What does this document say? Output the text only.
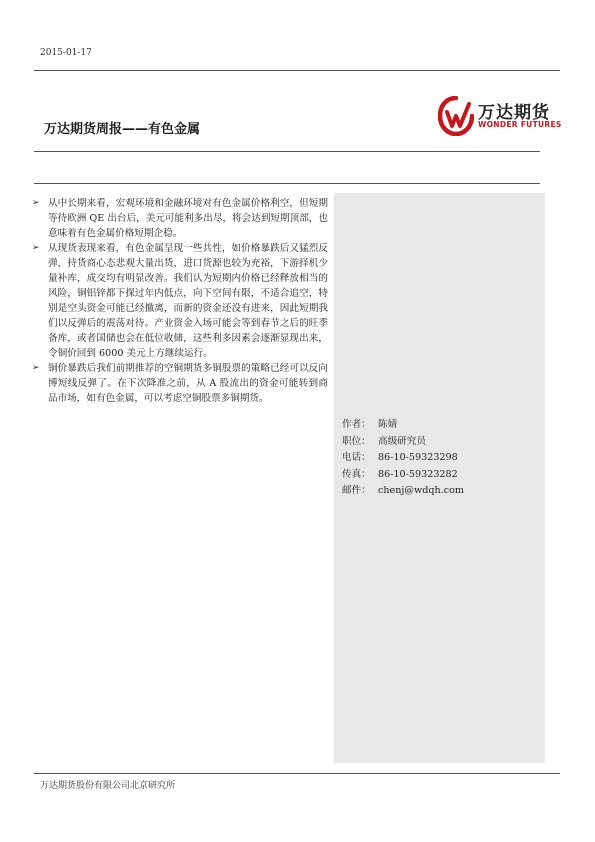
2015-01-17
万达期货周报——有色金属
万达期货
WONDER FUTURES

➢ 从中长期来看，宏观环境和金融环境对有色金属价格利空，但短期等待欧洲 QE 出台后，美元可能利多出尽，将会达到短期顶部，也意味着有色金属价格短期企稳。

➢ 从现货表现来看，有色金属呈现一些共性，如价格暴跌后又猛烈反弹，持货商心态悲观大量出货，进口货源也较为充裕，下游择机少量补库，成交均有明显改善。我们认为短期内价格已经释放相当的风险，铜铝锌都下探过年内低点，向下空间有限，不适合追空，特别是空头资金可能已经撤离，而新的资金还没有进来，因此短期我们以反弹后的震荡对待。产业资金入场可能会等到春节之后的旺季备库，或者国储也会在低位收储，这些利多因素会逐渐显现出来，令铜价回到 6000 美元上方继续运行。

➢ 铜价暴跌后我们前期推荐的空铜期货多铜股票的策略已经可以反向博短线反弹了。在下次降准之前，从 A 股流出的资金可能转到商品市场，如有色金属，可以考虑空铜股票多铜期货。

作者： 陈婧
职位： 高级研究员
电话： 86-10-59323298
传真： 86-10-59323282
邮件： chenj@wdqh.com
万达期货股份有限公司北京研究所
